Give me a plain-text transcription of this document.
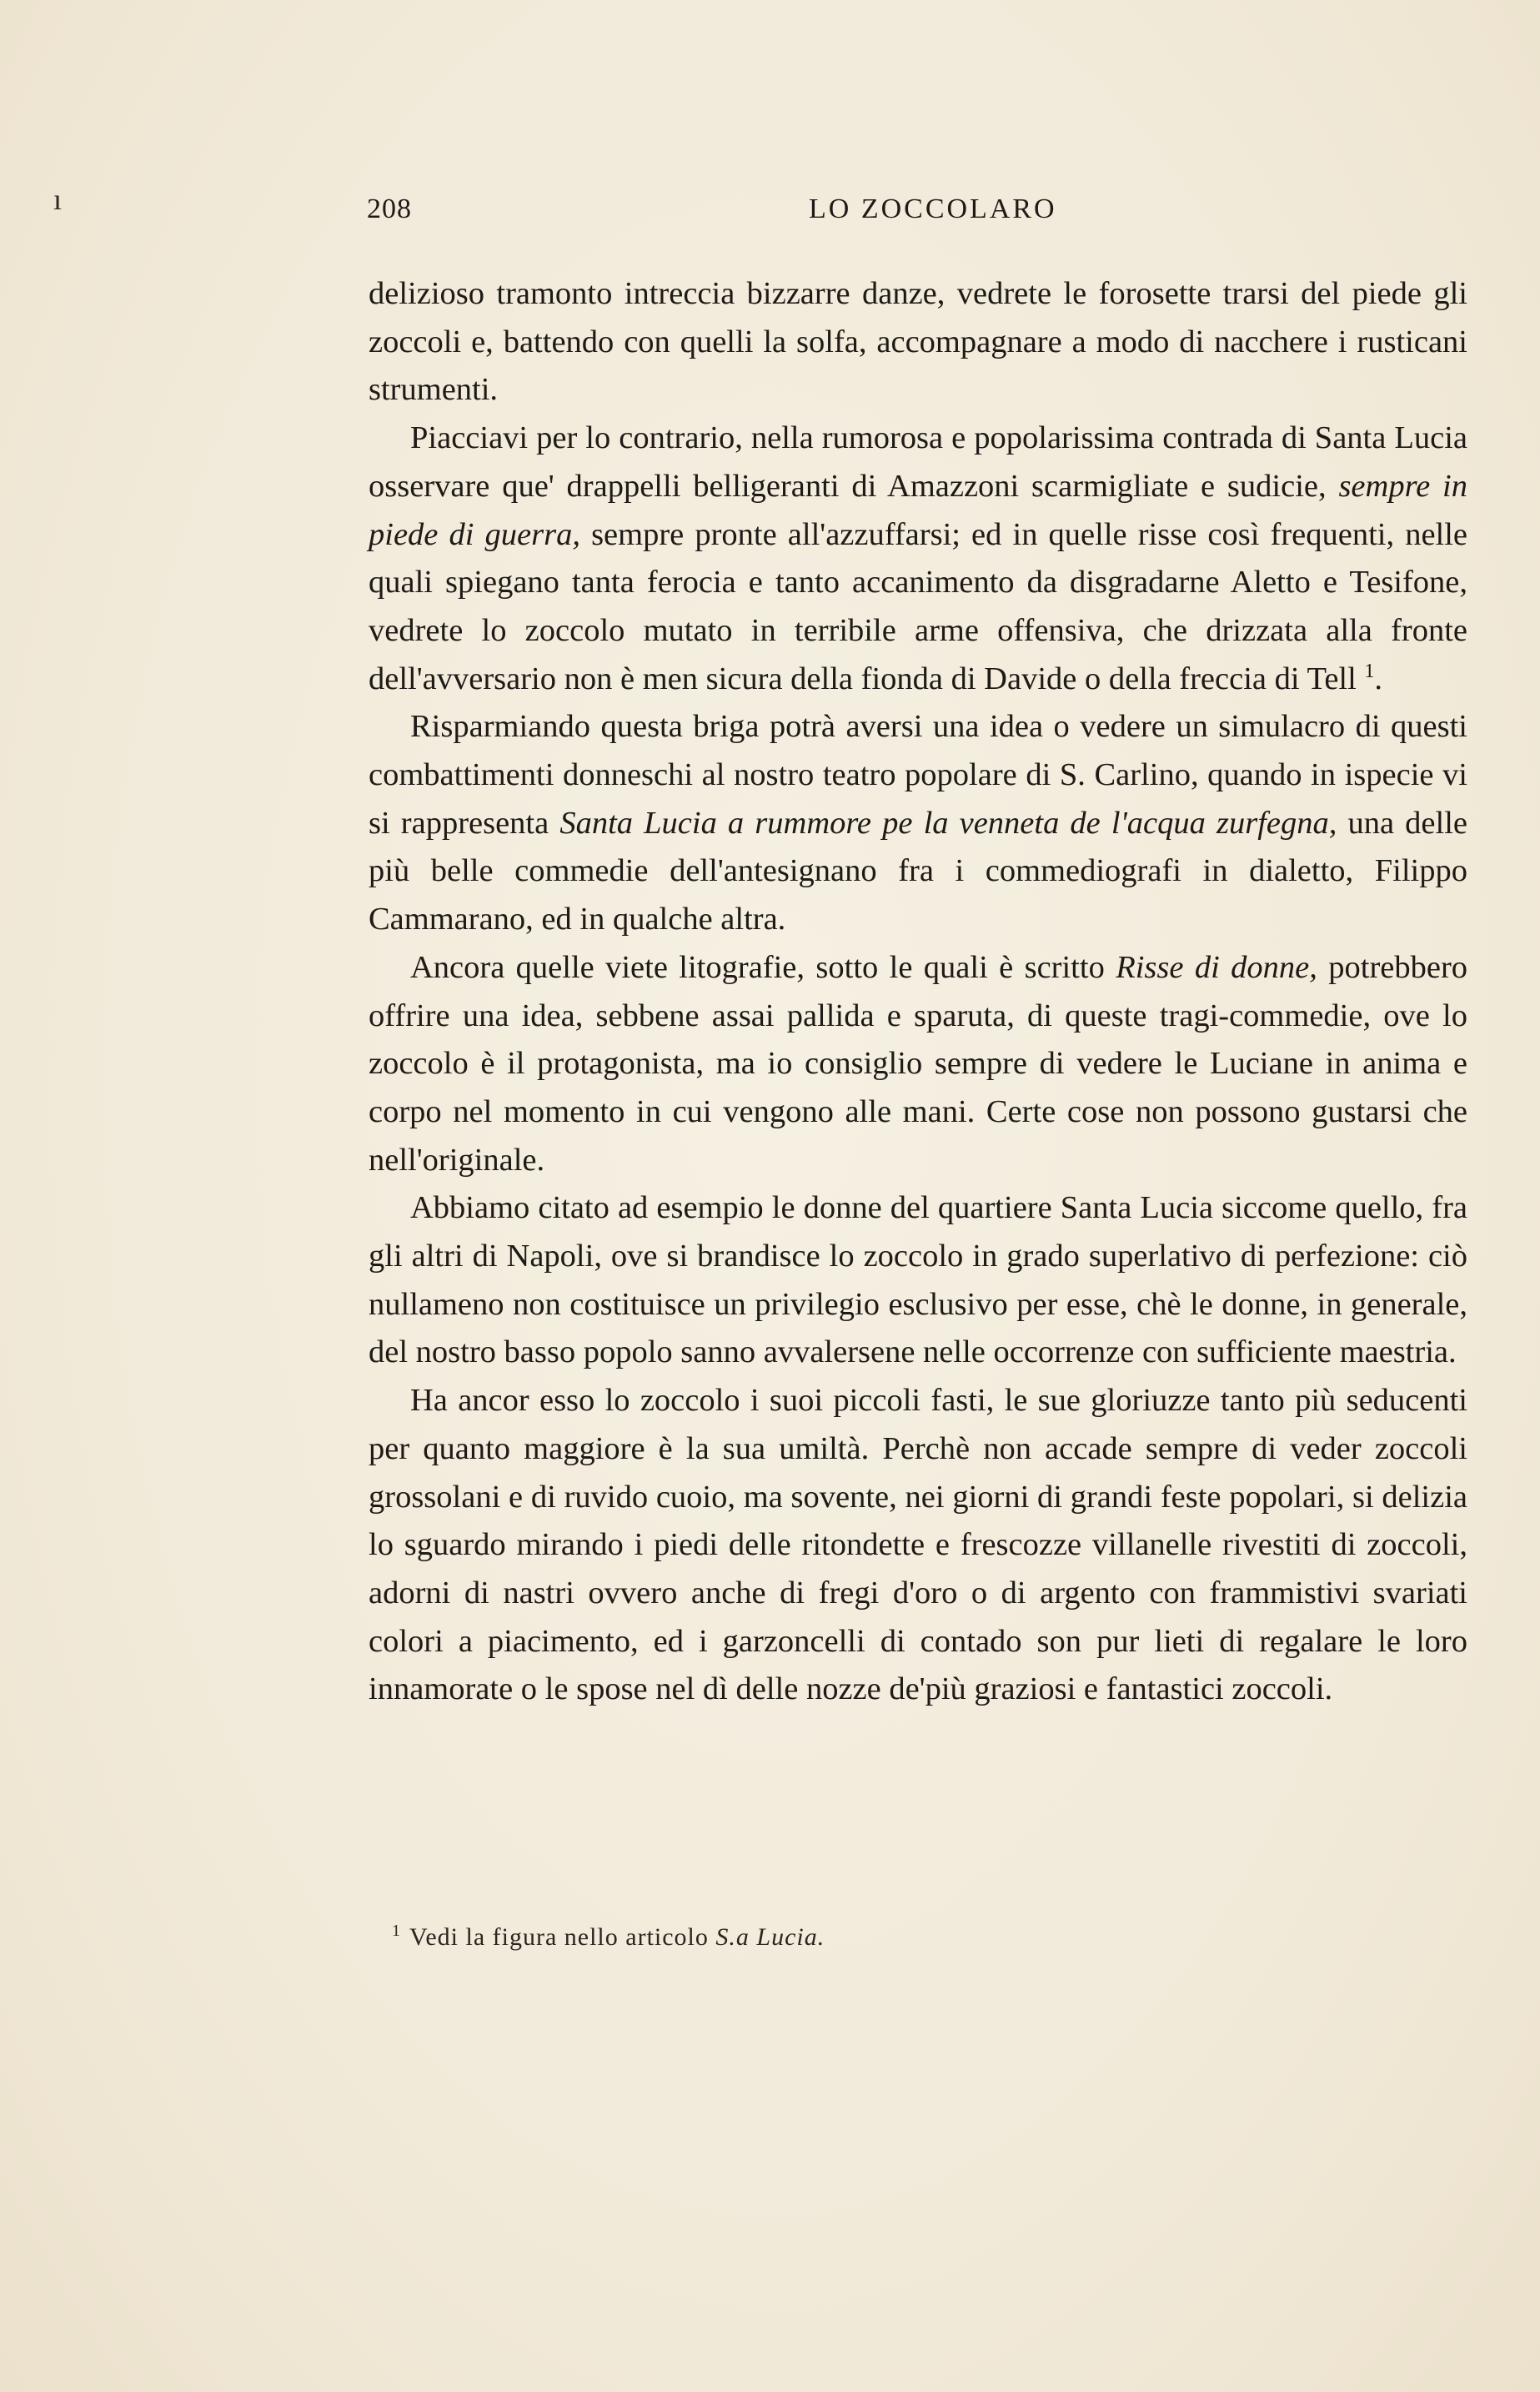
ı	208	LO ZOCCOLARO

delizioso tramonto intreccia bizzarre danze, vedrete le forosette trarsi del piede gli zoccoli e, battendo con quelli la solfa, accompagnare a modo di nacchere i rusticani strumenti.

Piacciavi per lo contrario, nella rumorosa e popolarissima contrada di Santa Lucia osservare que' drappelli belligeranti di Amazzoni scarmigliate e sudicie, sempre in piede di guerra, sempre pronte all'azzuffarsi; ed in quelle risse così frequenti, nelle quali spiegano tanta ferocia e tanto accanimento da disgradarne Aletto e Tesifone, vedrete lo zoccolo mutato in terribile arme offensiva, che drizzata alla fronte dell'avversario non è men sicura della fionda di Davide o della freccia di Tell $^1$.

Risparmiando questa briga potrà aversi una idea o vedere un simulacro di questi combattimenti donneschi al nostro teatro popolare di S. Carlino, quando in ispecie vi si rappresenta Santa Lucia a rummore pe la venneta de l'acqua zurfegna, una delle più belle commedie dell'antesignano fra i commediografi in dialetto, Filippo Cammarano, ed in qualche altra.

Ancora quelle viete litografie, sotto le quali è scritto Risse di donne, potrebbero offrire una idea, sebbene assai pallida e sparuta, di queste tragi-commedie, ove lo zoccolo è il protagonista, ma io consiglio sempre di vedere le Luciane in anima e corpo nel momento in cui vengono alle mani. Certe cose non possono gustarsi che nell'originale.

Abbiamo citato ad esempio le donne del quartiere Santa Lucia siccome quello, fra gli altri di Napoli, ove si brandisce lo zoccolo in grado superlativo di perfezione: ciò nullameno non costituisce un privilegio esclusivo per esse, chè le donne, in generale, del nostro basso popolo sanno avvalersene nelle occorrenze con sufficiente maestria.

Ha ancor esso lo zoccolo i suoi piccoli fasti, le sue gloriuzze tanto più seducenti per quanto maggiore è la sua umiltà. Perchè non accade sempre di veder zoccoli grossolani e di ruvido cuoio, ma sovente, nei giorni di grandi feste popolari, si delizia lo sguardo mirando i piedi delle ritondette e frescozze villanelle rivestiti di zoccoli, adorni di nastri ovvero anche di fregi d'oro o di argento con frammistivi svariati colori a piacimento, ed i garzoncelli di contado son pur lieti di regalare le loro innamorate o le spose nel dì delle nozze de'più graziosi e fantastici zoccoli.

$^1$ Vedi la figura nello articolo S.a Lucia.
